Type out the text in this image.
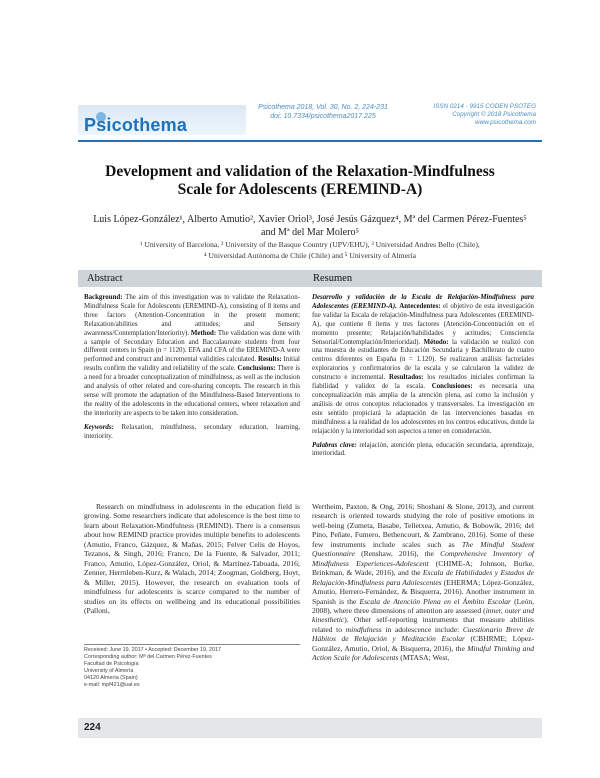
Psicothema
Psicothema 2018, Vol. 30, No. 2, 224-231
doi: 10.7334/psicothema2017.225
ISSN 0214 - 9915 CODEN PSOTEG
Copyright © 2018 Psicothema
www.psicothema.com
Development and validation of the Relaxation-Mindfulness Scale for Adolescents (EREMIND-A)
Luis López-González¹, Alberto Amutio², Xavier Oriol³, José Jesús Gázquez⁴, Mª del Carmen Pérez-Fuentes⁵
and Mª del Mar Molero⁵
¹ University of Barcelona, ² University of the Basque Country (UPV/EHU), ³ Universidad Andres Bello (Chile),
⁴ Universidad Autónoma de Chile (Chile) and ⁵ University of Almería
Abstract
Background: The aim of this investigation was to validate the Relaxation-Mindfulness Scale for Adolescents (EREMIND-A), consisting of 8 items and three factors (Attention-Concentration in the present moment; Relaxation/abilities and attitudes; and Sensory awareness/Contemplation/Interiority). Method: The validation was done with a sample of Secondary Education and Baccalaureate students from four different centers in Spain (n = 1120). EFA and CFA of the EREMIND-A were performed and construct and incremental validities calculated. Results: Initial results confirm the validity and reliability of the scale. Conclusions: There is a need for a broader conceptualization of mindfulness, as well as the inclusion and analysis of other related and core-sharing concepts. The research in this sense will promote the adaptation of the Mindfulness-Based Interventions to the reality of the adolescents in the educational centers, where relaxation and the interiority are aspects to be taken into consideration.
Keywords: Relaxation, mindfulness, secondary education, learning, interiority.
Resumen
Desarrollo y validación de la Escala de Relajación-Mindfulness para Adolescentes (EREMIND-A). Antecedentes: el objetivo de esta investigación fue validar la Escala de relajación-Mindfulness para Adolescentes (EREMIND-A), que contiene 8 ítems y tres factores (Atención-Concentración en el momento presente; Relajación/habilidades y actitudes; Consciencia Sensorial/Contemplación/Interioridad). Método: la validación se realizó con una muestra de estudiantes de Educación Secundaria y Bachillerato de cuatro centros diferentes en España (n = 1.120). Se realizaron análisis factoriales exploratorios y confirmatorios de la escala y se calcularon la validez de constructo e incremental. Resultados: los resultados iniciales confirman la fiabilidad y validez de la escala. Conclusiones: es necesaria una conceptualización más amplia de la atención plena, así como la inclusión y análisis de otros conceptos relacionados y transversales. La investigación en este sentido propiciará la adaptación de las intervenciones basadas en mindfulness a la realidad de los adolescentes en los centros educativos, donde la relajación y la interioridad son aspectos a tener en consideración.
Palabras clave: relajación, atención plena, educación secundaria, aprendizaje, interioridad.

Research on mindfulness in adolescents in the education field is growing. Some researchers indicate that adolescence is the best time to learn about Relaxation-Mindfulness (REMIND). There is a consensus about how REMIND practice provides multiple benefits to adolescents (Amutio, Franco, Gázquez, & Mañas, 2015; Felver Celis de Hoyos, Tezanos, & Singh, 2016; Franco, De la Fuente, & Salvador, 2011; Franco, Amutio, López-González, Oriol, & Martínez-Taboada, 2016; Zenner, Herrnleben-Kurz, & Walach, 2014; Zoogman, Goldberg, Hoyt, & Miller, 2015). However, the research on evaluation tools of mindfulness for adolescents is scarce compared to the number of studies on its effects on wellbeing and its educational possibilities (Palloni,

Wertheim, Paxton, & Ong, 2016; Shoshani & Slone, 2013), and current research is oriented towards studying the role of positive emotions in well-being (Zumeta, Basabe, Telletxea, Amutio, & Bobowik, 2016; del Pino, Peñate, Fumero, Bethencourt, & Zambrano, 2016). Some of these few instruments include scales such as The Mindful Student Questionnaire (Renshaw, 2016), the Comprehensive Inventory of Mindfulness Experiences-Adolescent (CHIME-A; Johnson, Burke, Brinkman, & Wade, 2016), and the Escala de Habilidades y Estados de Relajación-Mindfulness para Adolescentes (EHERMA; López-González, Amutio, Herrero-Fernández, & Bisquerra, 2016). Another instrument in Spanish is the Escala de Atención Plena en el Ámbito Escolar (León, 2008), where three dimensions of attention are assessed (inner, outer and kinesthetic). Other self-reporting instruments that measure abilities related to mindfulness in adolescence include: Cuestionario Breve de Hábitos de Relajación y Meditación Escolar (CBHRME; López-González, Amutio, Oriol, & Bisquerra, 2016), the Mindful Thinking and Action Scale for Adolescents (MTASA; West,

Received: June 19, 2017 • Accepted: December 19, 2017
Corresponding author: Mª del Carmen Pérez-Fuentes
Facultad de Psicología
University of Almería
04120 Almería (Spain)
e-mail: mpf421@ual.es
224
